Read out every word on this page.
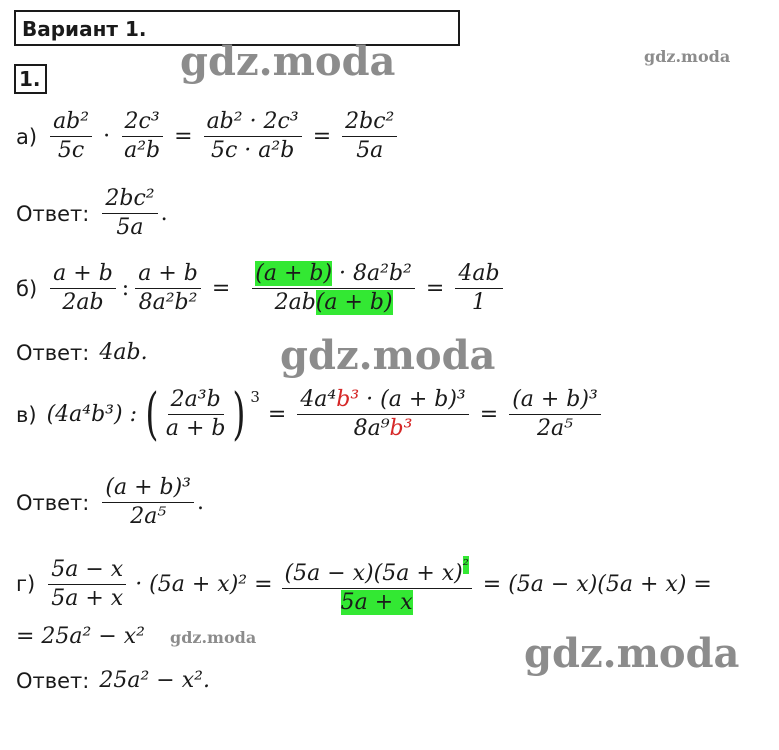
Вариант 1.
1.	gdz.moda	gdz.moda
gdz.moda
gdz.moda	gdz.moda
$а) \frac{\text{ab²}}{5c} \cdot \frac{\text{2c³}}{\text{a²b}} = \frac{\text{ab² · 2c³}}{\text{5c · a²b}} = \frac{\text{2bc²}}{5a}$
Ответ: $\frac{\text{2bc²}}{5a}$ .
$б) \frac{a + b}{2ab}$ : $\frac{a + b}{\text{8a²b²}} = \frac{\text{(a + b) · 8a²b²}}{2ab(a + b)} = \frac{4ab}{1}$
Ответ: 4ab.
в) (4a⁴b³) : ( $\frac{\text{2a³b}}{a + b}$ ) 3
= $\frac{\text{4a⁴b³ · (a + b)³}}{\text{8a⁹b³}} = \frac{\text{(a + b)³}}{\text{2a⁵}}$
Ответ: $\frac{\text{(a + b)³}}{\text{2a⁵}}$ .
$г) \frac{5a - x}{5a + x} \cdot (5a + x)^2 = \frac{(5a - x)(5a + x)^{^2}}{5a + x} = (5a - x)(5a + x)$ =
= 25a² − x²
Ответ: 25a² − x².
